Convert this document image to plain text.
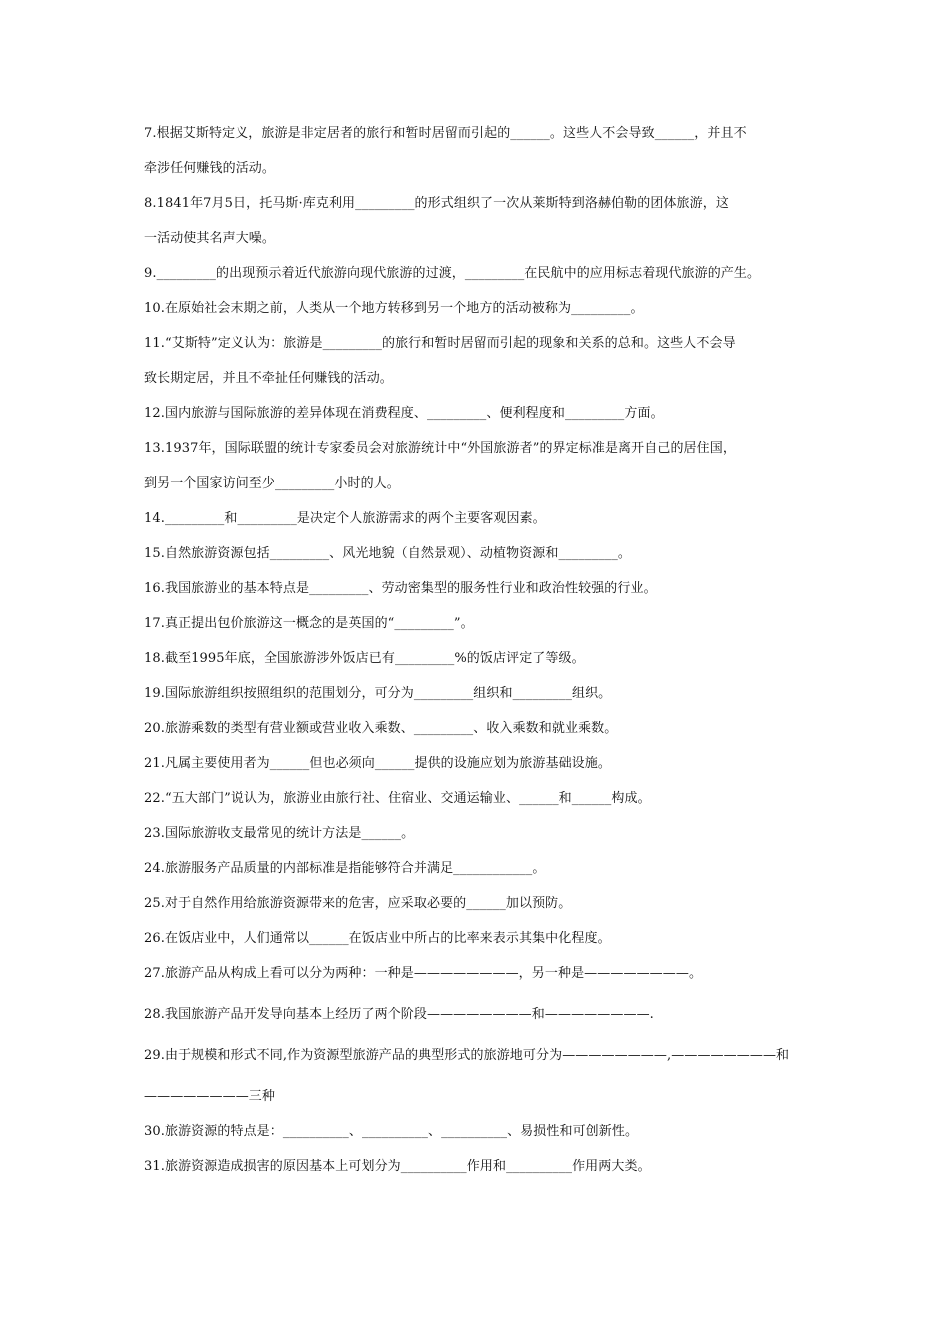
7.根据艾斯特定义，旅游是非定居者的旅行和暂时居留而引起的______。这些人不会导致______，并且不
牵涉任何赚钱的活动。
8.1841年7月5日，托马斯·库克利用_________的形式组织了一次从莱斯特到洛赫伯勒的团体旅游，这
一活动使其名声大噪。
9._________的出现预示着近代旅游向现代旅游的过渡，_________在民航中的应用标志着现代旅游的产生。
10.在原始社会末期之前，人类从一个地方转移到另一个地方的活动被称为_________。
11.“艾斯特”定义认为：旅游是_________的旅行和暂时居留而引起的现象和关系的总和。这些人不会导
致长期定居，并且不牵扯任何赚钱的活动。
12.国内旅游与国际旅游的差异体现在消费程度、_________、便利程度和_________方面。
13.1937年，国际联盟的统计专家委员会对旅游统计中“外国旅游者”的界定标准是离开自己的居住国，
到另一个国家访问至少_________小时的人。
14._________和_________是决定个人旅游需求的两个主要客观因素。
15.自然旅游资源包括_________、风光地貌（自然景观）、动植物资源和_________。
16.我国旅游业的基本特点是_________、劳动密集型的服务性行业和政治性较强的行业。
17.真正提出包价旅游这一概念的是英国的“_________”。
18.截至1995年底，全国旅游涉外饭店已有_________%的饭店评定了等级。
19.国际旅游组织按照组织的范围划分，可分为_________组织和_________组织。
20.旅游乘数的类型有营业额或营业收入乘数、_________、收入乘数和就业乘数。
21.凡属主要使用者为______但也必须向______提供的设施应划为旅游基础设施。
22.“五大部门”说认为，旅游业由旅行社、住宿业、交通运输业、______和______构成。
23.国际旅游收支最常见的统计方法是______。
24.旅游服务产品质量的内部标准是指能够符合并满足____________。
25.对于自然作用给旅游资源带来的危害，应采取必要的______加以预防。
26.在饭店业中，人们通常以______在饭店业中所占的比率来表示其集中化程度。
27.旅游产品从构成上看可以分为两种：一种是————————，另一种是————————。
28.我国旅游产品开发导向基本上经历了两个阶段————————和————————.
29.由于规模和形式不同,作为资源型旅游产品的典型形式的旅游地可分为————————,————————和
————————三种
30.旅游资源的特点是：__________、__________、__________、易损性和可创新性。
31.旅游资源造成损害的原因基本上可划分为__________作用和__________作用两大类。
